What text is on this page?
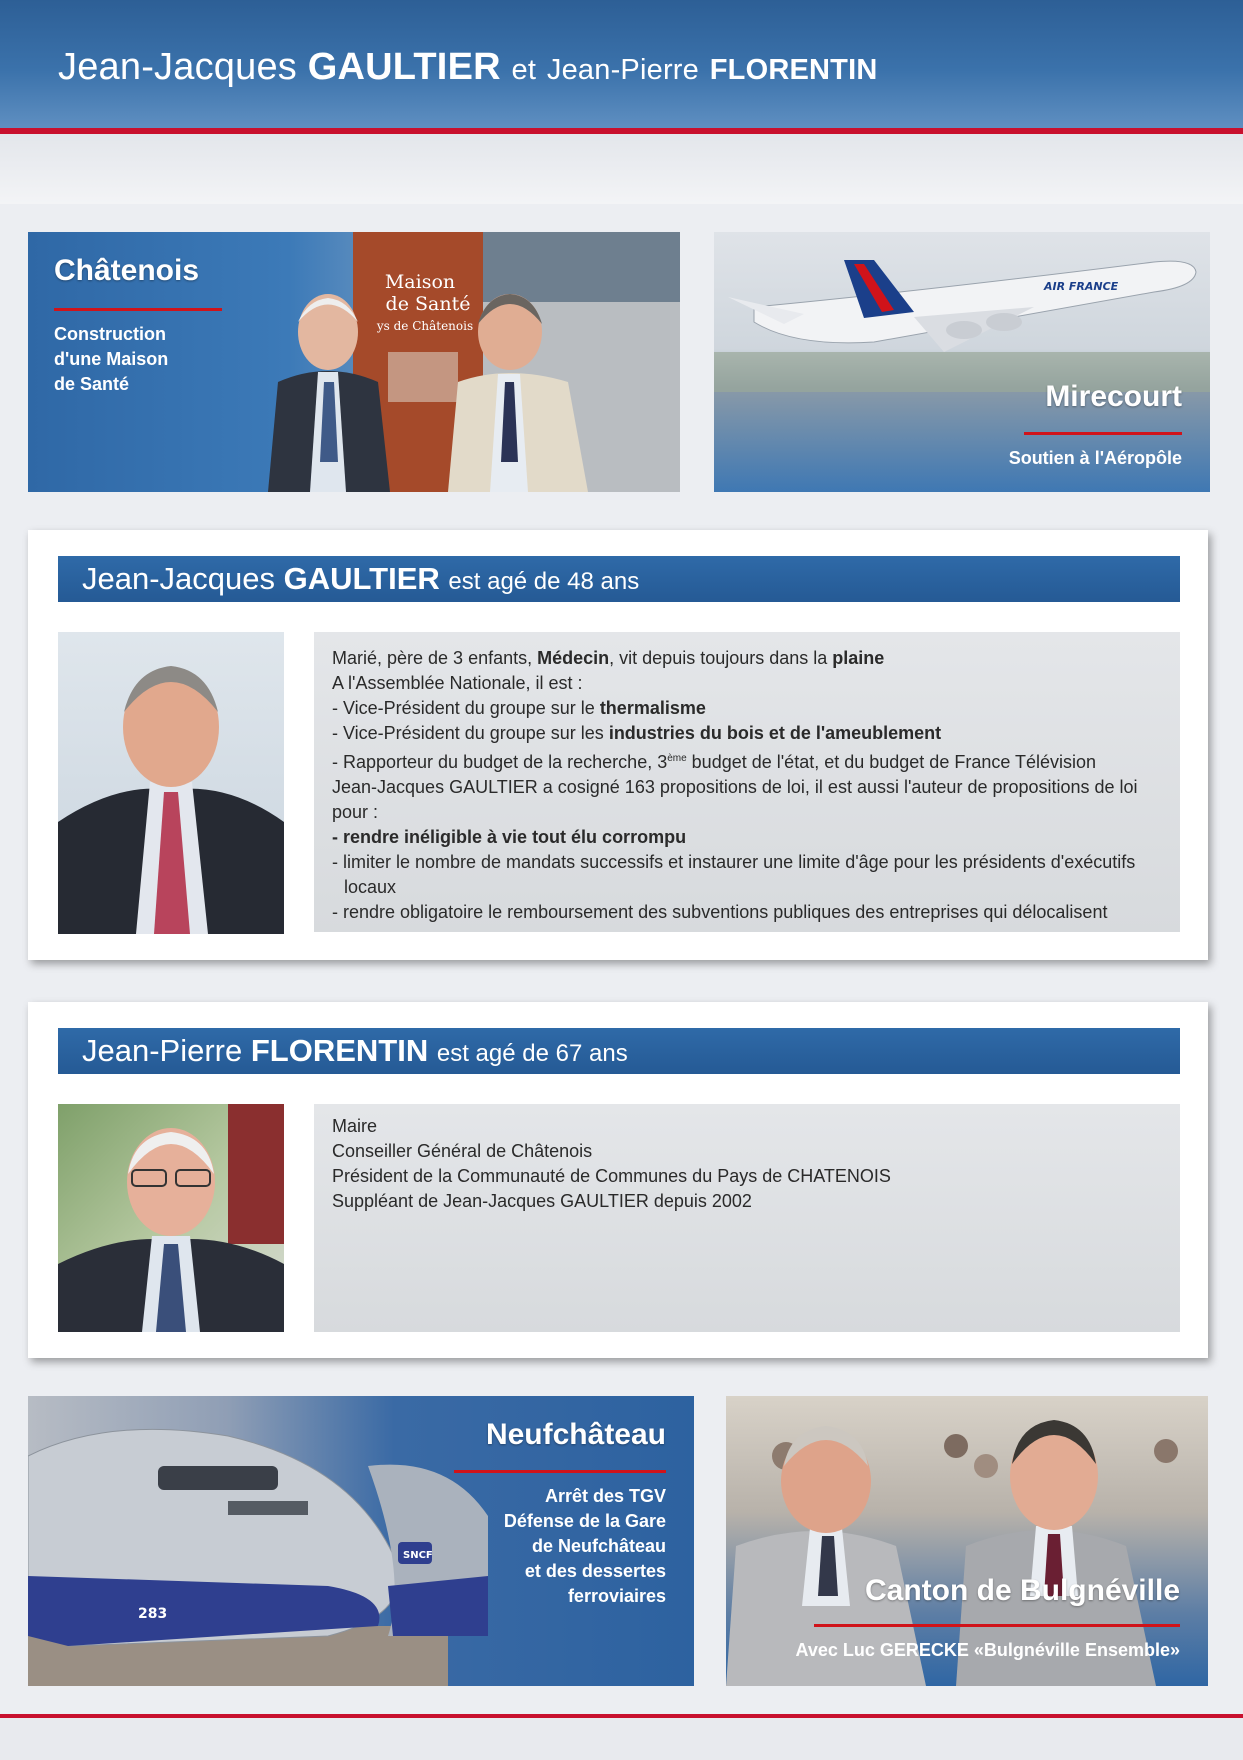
Jean-Jacques GAULTIER et Jean-Pierre FLORENTIN
Maison
de Santé
ys de Châtenois
Châtenois
Construction
d'une Maison
de Santé
AIR FRANCE
Mirecourt
Soutien à l'Aéropôle
Jean-Jacques GAULTIER est agé de 48 ans
Marié, père de 3 enfants, Médecin, vit depuis toujours dans la plaine
A l'Assemblée Nationale, il est :
- Vice-Président du groupe sur le thermalisme
- Vice-Président du groupe sur les industries du bois et de l'ameublement
- Rapporteur du budget de la recherche, 3ème budget de l'état, et du budget de France Télévision
Jean-Jacques GAULTIER a cosigné 163 propositions de loi, il est aussi l'auteur de propositions de loi
pour :
- rendre inéligible à vie tout élu corrompu
- limiter le nombre de mandats successifs et instaurer une limite d'âge pour les présidents d'exécutifs
locaux
- rendre obligatoire le remboursement des subventions publiques des entreprises qui délocalisent
Jean-Pierre FLORENTIN est agé de 67 ans
Maire
Conseiller Général de Châtenois
Président de la Communauté de Communes du Pays de CHATENOIS
Suppléant de Jean-Jacques GAULTIER depuis 2002
283
SNCF
Neufchâteau
Arrêt des TGV
Défense de la Gare
de Neufchâteau
et des dessertes
ferroviaires	Canton de Bulgnéville
Avec Luc GERECKE «Bulgnéville Ensemble»
